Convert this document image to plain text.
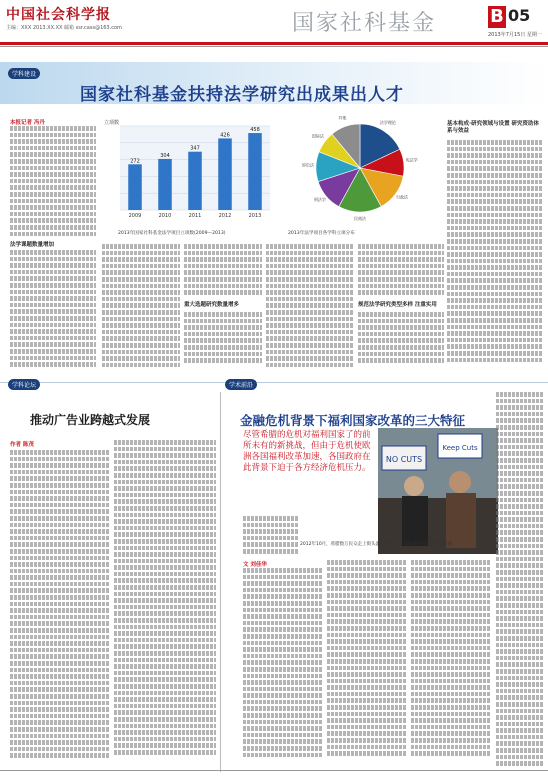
中国社会科学报
主编：XXX 2013.XX.XX 邮箱 ssr.cass@163.com	国家社科基金	B 05
2013年7月15日 星期一
学科建设
国家社科基金扶持法学研究出成果出人才
本报记者 冯丹
法学课题数量增加
272
2009
304
2010
347
2011
426
2012
458
2013
立项数
2013年国家社科基金法学项目立项数(2009—2013)
法学理论
宪法学
行政法
民商法
刑法学
诉讼法
国际法
其他
2013年法学项目各学科立项分布
基本构成·研究领域与设置 研究资助体系与效益
重大选题研究数量增多	规范法学研究类型多样 注重实用
学科论坛	学术前沿
推动广告业跨越式发展
作者 陈茂
金融危机背景下福利国家改革的三大特征
尽管希腊的危机对福利国家了的前所未有的新挑战，但由于危机使欧洲各国福利改革加速，各国政府在此背景下迫于各方经济危机压力。
NO CUTS
Keep Cuts
2012年10月，希腊数万民众走上街头游行示威，抗议政府推行紧缩改革措施。
文 刘佳华
